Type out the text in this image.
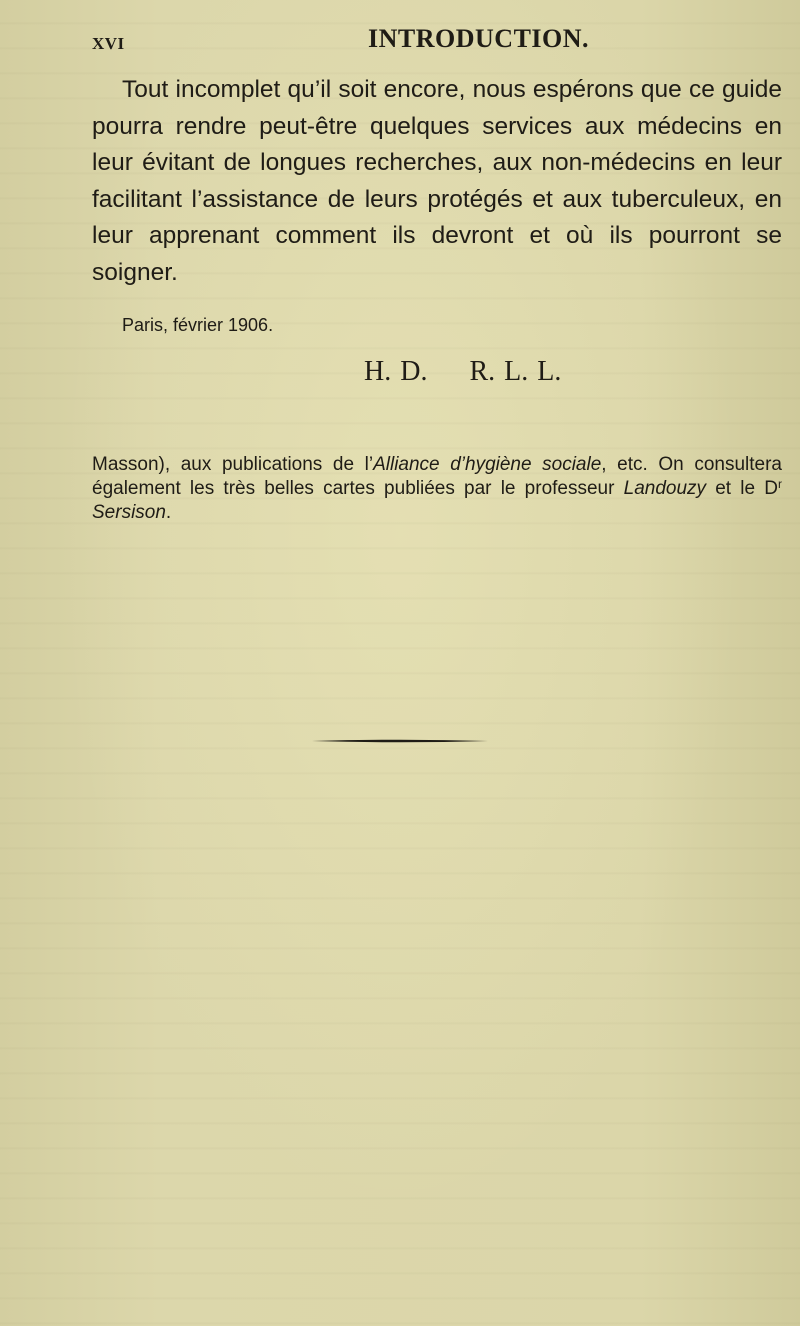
XVI	INTRODUCTION.

Tout incomplet qu’il soit encore, nous espérons que ce guide pourra rendre peut-être quelques services aux médecins en leur évitant de longues recherches, aux non-médecins en leur facilitant l’assistance de leurs protégés et aux tuberculeux, en leur apprenant comment ils devront et où ils pourront se soigner.

Paris, février 1906.

H. D. R. L. L.

Masson), aux publications de l’Alliance d’hygiène sociale, etc. On consultera également les très belles cartes publiées par le professeur Landouzy et le $D^r$ Sersison.
